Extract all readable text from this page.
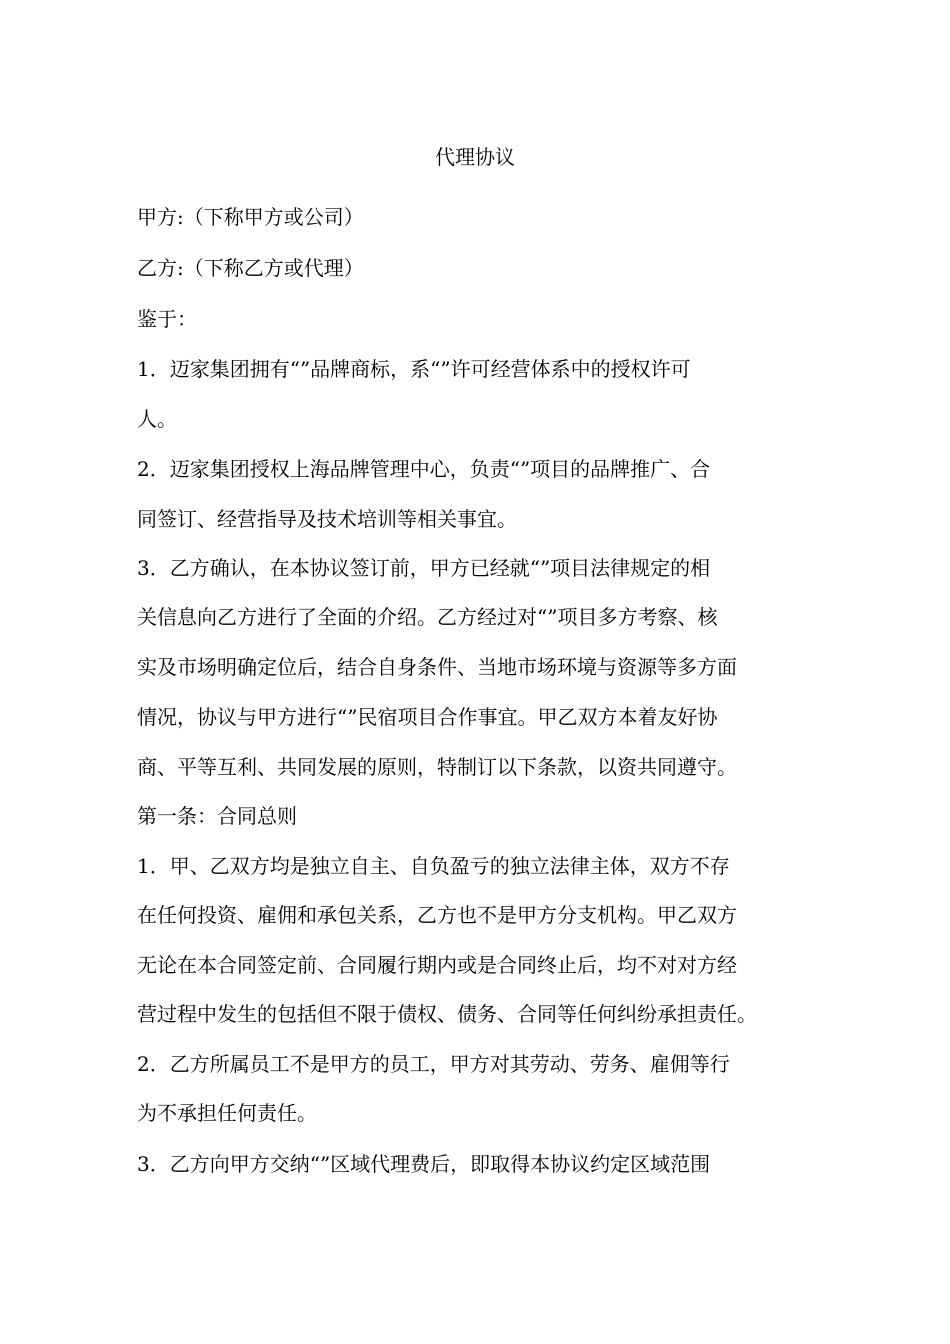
代理协议
甲方:（下称甲方或公司）
乙方:（下称乙方或代理）
鉴于：
1．迈家集团拥有“”品牌商标，系“”许可经营体系中的授权许可
人。
2．迈家集团授权上海品牌管理中心，负责“”项目的品牌推广、合
同签订、经营指导及技术培训等相关事宜。
3．乙方确认，在本协议签订前，甲方已经就“”项目法律规定的相
关信息向乙方进行了全面的介绍。乙方经过对“”项目多方考察、核
实及市场明确定位后，结合自身条件、当地市场环境与资源等多方面
情况，协议与甲方进行“”民宿项目合作事宜。甲乙双方本着友好协
商、平等互利、共同发展的原则，特制订以下条款，以资共同遵守。
第一条：合同总则
1．甲、乙双方均是独立自主、自负盈亏的独立法律主体，双方不存
在任何投资、雇佣和承包关系，乙方也不是甲方分支机构。甲乙双方
无论在本合同签定前、合同履行期内或是合同终止后，均不对对方经
营过程中发生的包括但不限于债权、债务、合同等任何纠纷承担责任。
2．乙方所属员工不是甲方的员工，甲方对其劳动、劳务、雇佣等行
为不承担任何责任。
3．乙方向甲方交纳“”区域代理费后，即取得本协议约定区域范围
